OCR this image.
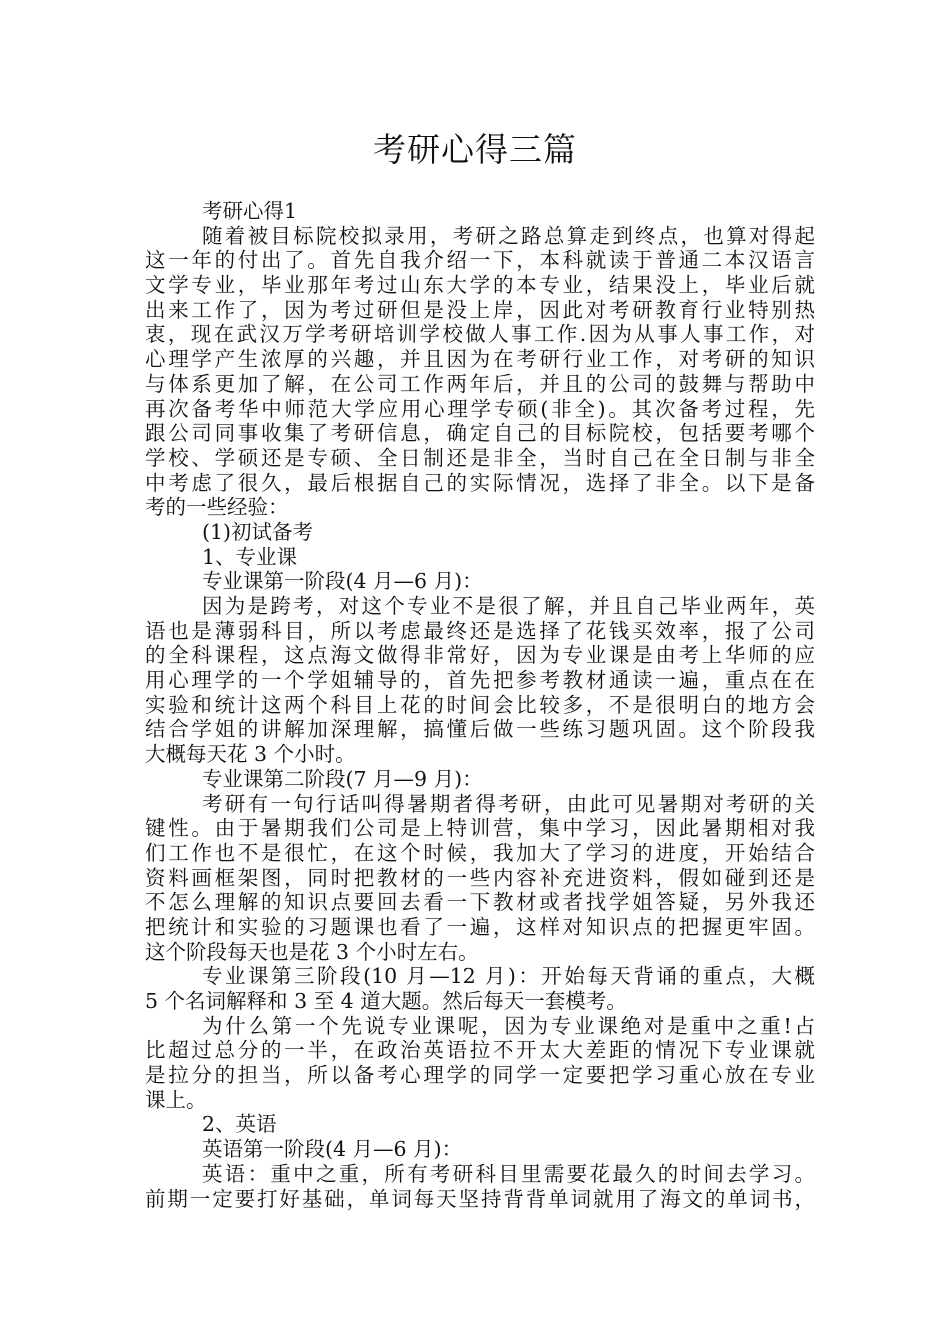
考研心得三篇
考研心得1
随着被目标院校拟录用，考研之路总算走到终点，也算对得起
这一年的付出了。首先自我介绍一下，本科就读于普通二本汉语言
文学专业，毕业那年考过山东大学的本专业，结果没上，毕业后就
出来工作了，因为考过研但是没上岸，因此对考研教育行业特别热
衷，现在武汉万学考研培训学校做人事工作.因为从事人事工作，对
心理学产生浓厚的兴趣，并且因为在考研行业工作，对考研的知识
与体系更加了解，在公司工作两年后，并且的公司的鼓舞与帮助中
再次备考华中师范大学应用心理学专硕(非全)。其次备考过程，先
跟公司同事收集了考研信息，确定自己的目标院校，包括要考哪个
学校、学硕还是专硕、全日制还是非全，当时自己在全日制与非全
中考虑了很久，最后根据自己的实际情况，选择了非全。以下是备
考的一些经验：
(1)初试备考
1、专业课
专业课第一阶段(4 月—6 月)：
因为是跨考，对这个专业不是很了解，并且自己毕业两年，英
语也是薄弱科目，所以考虑最终还是选择了花钱买效率，报了公司
的全科课程，这点海文做得非常好，因为专业课是由考上华师的应
用心理学的一个学姐辅导的，首先把参考教材通读一遍，重点在在
实验和统计这两个科目上花的时间会比较多，不是很明白的地方会
结合学姐的讲解加深理解，搞懂后做一些练习题巩固。这个阶段我
大概每天花 3 个小时。
专业课第二阶段(7 月—9 月)：
考研有一句行话叫得暑期者得考研，由此可见暑期对考研的关
键性。由于暑期我们公司是上特训营，集中学习，因此暑期相对我
们工作也不是很忙，在这个时候，我加大了学习的进度，开始结合
资料画框架图，同时把教材的一些内容补充进资料，假如碰到还是
不怎么理解的知识点要回去看一下教材或者找学姐答疑，另外我还
把统计和实验的习题课也看了一遍，这样对知识点的把握更牢固。
这个阶段每天也是花 3 个小时左右。
专业课第三阶段(10 月—12 月)：开始每天背诵的重点，大概
5 个名词解释和 3 至 4 道大题。然后每天一套模考。
为什么第一个先说专业课呢，因为专业课绝对是重中之重!占
比超过总分的一半，在政治英语拉不开太大差距的情况下专业课就
是拉分的担当，所以备考心理学的同学一定要把学习重心放在专业
课上。
2、英语
英语第一阶段(4 月—6 月)：
英语：重中之重，所有考研科目里需要花最久的时间去学习。
前期一定要打好基础，单词每天坚持背背单词就用了海文的单词书，
